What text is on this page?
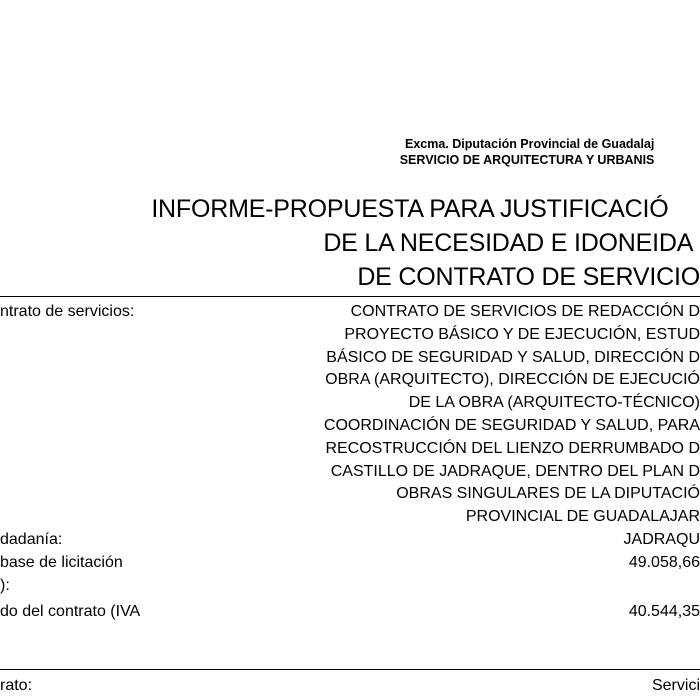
Excma. Diputación Provincial de Guadalaj
SERVICIO DE ARQUITECTURA Y URBANIS
INFORME-PROPUESTA PARA JUSTIFICACIÓ
DE LA NECESIDAD E IDONEIDA
DE CONTRATO DE SERVICIO
ntrato de servicios:	CONTRATO DE SERVICIOS DE REDACCIÓN D
PROYECTO BÁSICO Y DE EJECUCIÓN, ESTUD
BÁSICO DE SEGURIDAD Y SALUD, DIRECCIÓN D
OBRA (ARQUITECTO), DIRECCIÓN DE EJECUCIÓ
DE LA OBRA (ARQUITECTO-TÉCNICO)
COORDINACIÓN DE SEGURIDAD Y SALUD, PARA
RECOSTRUCCIÓN DEL LIENZO DERRUMBADO D
CASTILLO DE JADRAQUE, DENTRO DEL PLAN D
OBRAS SINGULARES DE LA DIPUTACIÓ
PROVINCIAL DE GUADALAJAR
dadanía:	JADRAQU
base de licitación	49.058,66
):
do del contrato (IVA	40.544,35
rato:	Servici
